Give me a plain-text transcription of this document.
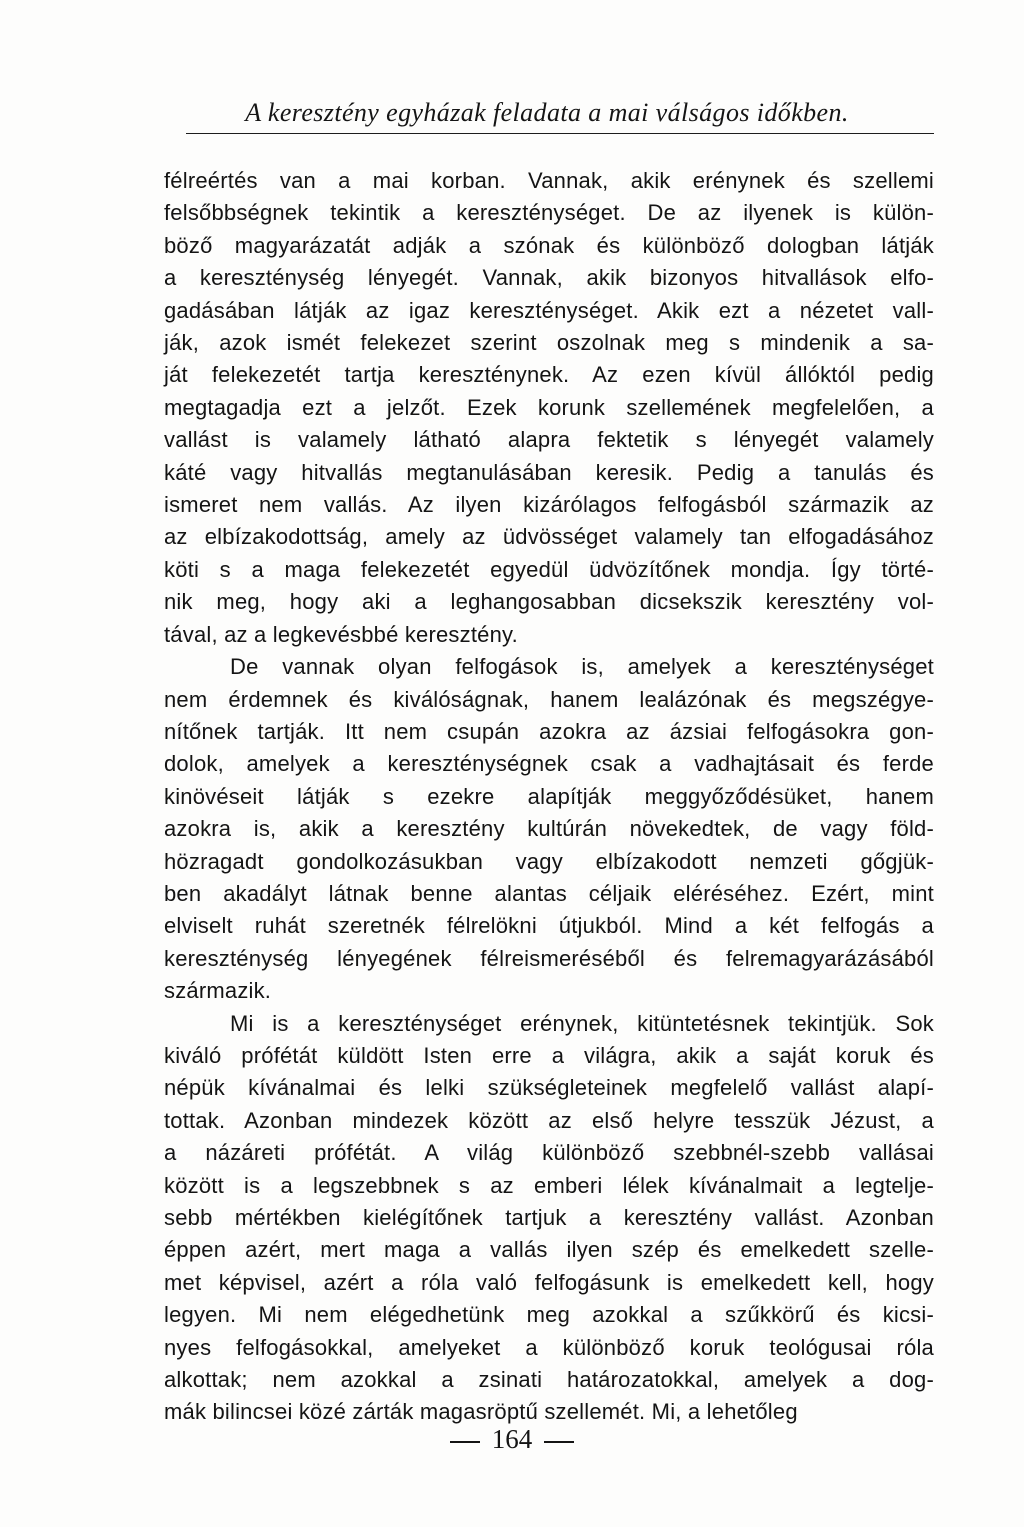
A keresztény egyházak feladata a mai válságos időkben.
félreértés van a mai korban. Vannak, akik erénynek és szellemi
felsőbbségnek tekintik a kereszténységet. De az ilyenek is külön-
böző magyarázatát adják a szónak és különböző dologban látják
a kereszténység lényegét. Vannak, akik bizonyos hitvallások elfo-
gadásában látják az igaz kereszténységet. Akik ezt a nézetet vall-
ják, azok ismét felekezet szerint oszolnak meg s mindenik a sa-
ját felekezetét tartja kereszténynek. Az ezen kívül állóktól pedig
megtagadja ezt a jelzőt. Ezek korunk szellemének megfelelően, a
vallást is valamely látható alapra fektetik s lényegét valamely
káté vagy hitvallás megtanulásában keresik. Pedig a tanulás és
ismeret nem vallás. Az ilyen kizárólagos felfogásból származik az
az elbízakodottság, amely az üdvösséget valamely tan elfogadásához
köti s a maga felekezetét egyedül üdvözítőnek mondja. Így törté-
nik meg, hogy aki a leghangosabban dicsekszik keresztény vol-
tával, az a legkevésbbé keresztény.
De vannak olyan felfogások is, amelyek a kereszténységet
nem érdemnek és kiválóságnak, hanem lealázónak és megszégye-
nítőnek tartják. Itt nem csupán azokra az ázsiai felfogásokra gon-
dolok, amelyek a kereszténységnek csak a vadhajtásait és ferde
kinövéseit látják s ezekre alapítják meggyőződésüket, hanem
azokra is, akik a keresztény kultúrán növekedtek, de vagy föld-
hözragadt gondolkozásukban vagy elbízakodott nemzeti gőgjük-
ben akadályt látnak benne alantas céljaik eléréséhez. Ezért, mint
elviselt ruhát szeretnék félrelökni útjukból. Mind a két felfogás a
kereszténység lényegének félreismeréséből és felremagyarázásából
származik.
Mi is a kereszténységet erénynek, kitüntetésnek tekintjük. Sok
kiváló prófétát küldött Isten erre a világra, akik a saját koruk és
népük kívánalmai és lelki szükségleteinek megfelelő vallást alapí-
tottak. Azonban mindezek között az első helyre tesszük Jézust, a
a názáreti prófétát. A világ különböző szebbnél-szebb vallásai
között is a legszebbnek s az emberi lélek kívánalmait a legtelje-
sebb mértékben kielégítőnek tartjuk a keresztény vallást. Azonban
éppen azért, mert maga a vallás ilyen szép és emelkedett szelle-
met képvisel, azért a róla való felfogásunk is emelkedett kell, hogy
legyen. Mi nem elégedhetünk meg azokkal a szűkkörű és kicsi-
nyes felfogásokkal, amelyeket a különböző koruk teológusai róla
alkottak; nem azokkal a zsinati határozatokkal, amelyek a dog-
mák bilincsei közé zárták magasröptű szellemét. Mi, a lehetőleg
164
